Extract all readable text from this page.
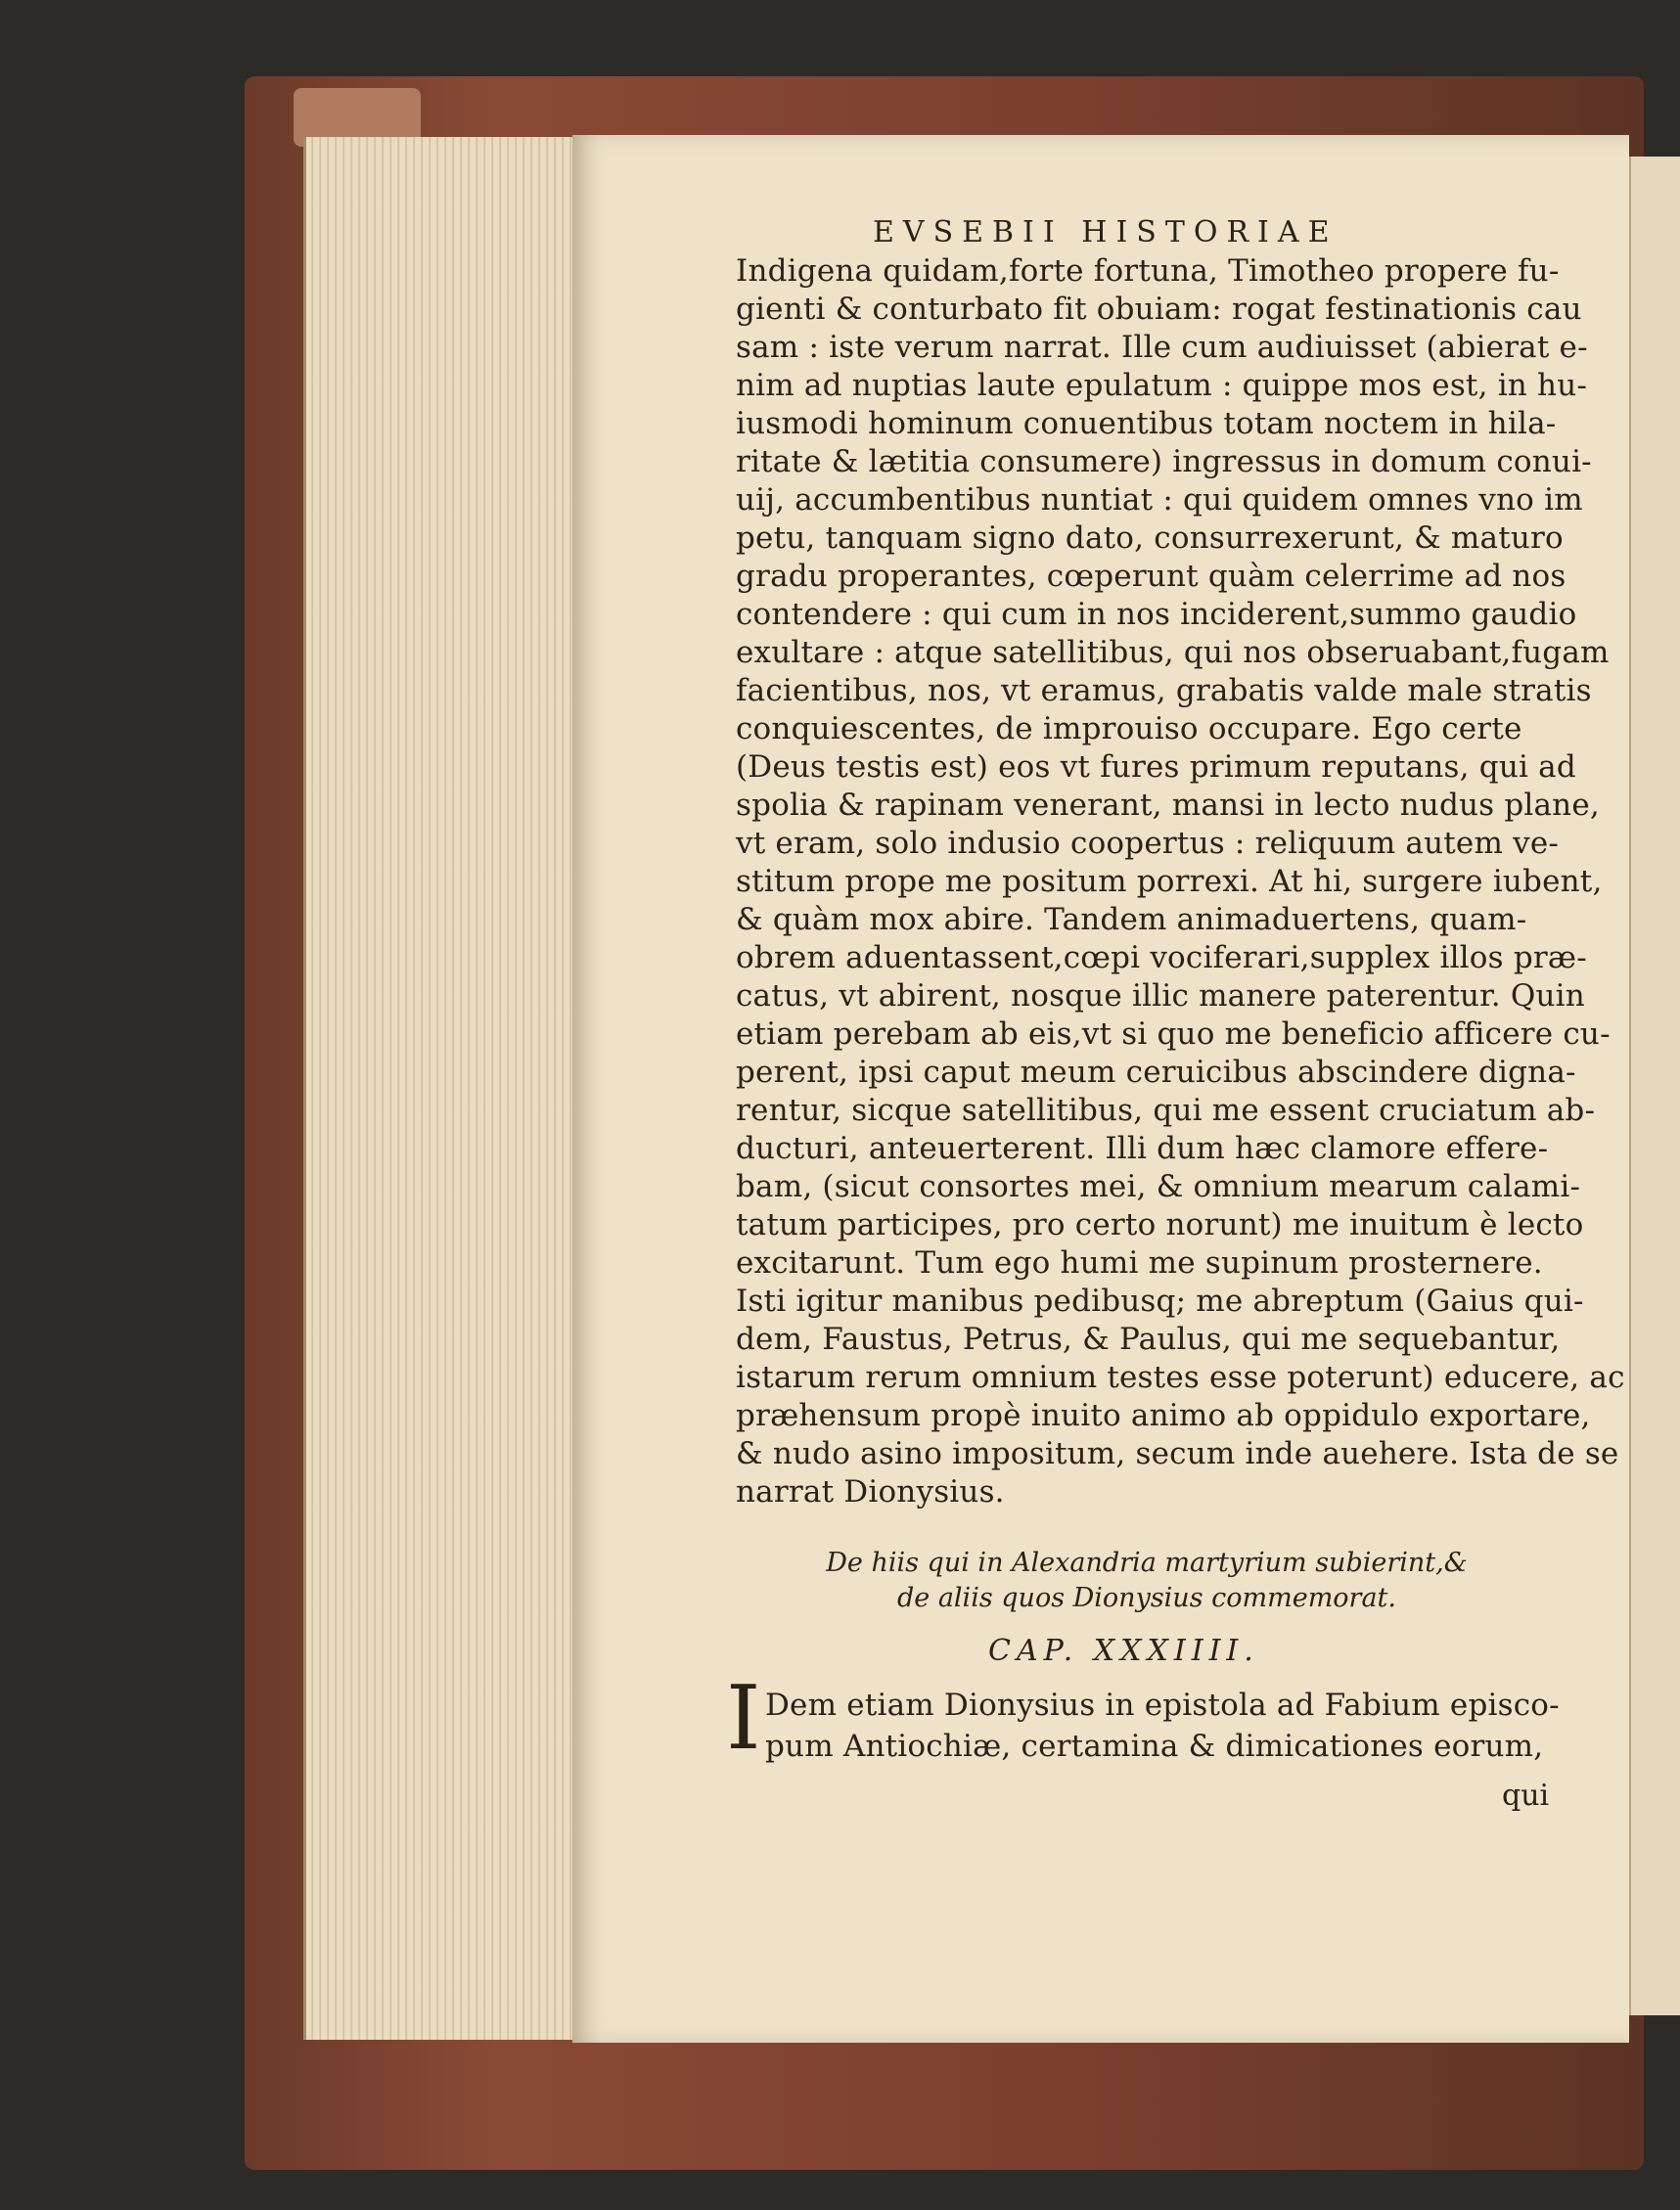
EVSEBII HISTORIAE
Indigena quidam,forte fortuna, Timotheo propere fu-
gienti & conturbato fit obuiam: rogat festinationis cau
sam : iste verum narrat. Ille cum audiuisset (abierat e-
nim ad nuptias laute epulatum : quippe mos est, in hu-
iusmodi hominum conuentibus totam noctem in hila-
ritate & lætitia consumere) ingressus in domum conui-
uij, accumbentibus nuntiat : qui quidem omnes vno im
petu, tanquam signo dato, consurrexerunt, & maturo
gradu properantes, cœperunt quàm celerrime ad nos
contendere : qui cum in nos inciderent,summo gaudio
exultare : atque satellitibus, qui nos obseruabant,fugam
facientibus, nos, vt eramus, grabatis valde male stratis
conquiescentes, de improuiso occupare. Ego certe
(Deus testis est) eos vt fures primum reputans, qui ad
spolia & rapinam venerant, mansi in lecto nudus plane,
vt eram, solo indusio coopertus : reliquum autem ve-
stitum prope me positum porrexi. At hi, surgere iubent,
& quàm mox abire. Tandem animaduertens, quam-
obrem aduentassent,cœpi vociferari,supplex illos præ-
catus, vt abirent, nosque illic manere paterentur. Quin
etiam perebam ab eis,vt si quo me beneficio afficere cu-
perent, ipsi caput meum ceruicibus abscindere digna-
rentur, sicque satellitibus, qui me essent cruciatum ab-
ducturi, anteuerterent. Illi dum hæc clamore effere-
bam, (sicut consortes mei, & omnium mearum calami-
tatum participes, pro certo norunt) me inuitum è lecto
excitarunt. Tum ego humi me supinum prosternere.
Isti igitur manibus pedibusq; me abreptum (Gaius qui-
dem, Faustus, Petrus, & Paulus, qui me sequebantur,
istarum rerum omnium testes esse poterunt) educere, ac
præhensum propè inuito animo ab oppidulo exportare,
& nudo asino impositum, secum inde auehere. Ista de se
narrat Dionysius.
De hiis qui in Alexandria martyrium subierint,& de aliis quos Dionysius commemorat.
CAP. XXXIIII.
I Dem etiam Dionysius in epistola ad Fabium episco-
pum Antiochiæ, certamina & dimicationes eorum,
qui
